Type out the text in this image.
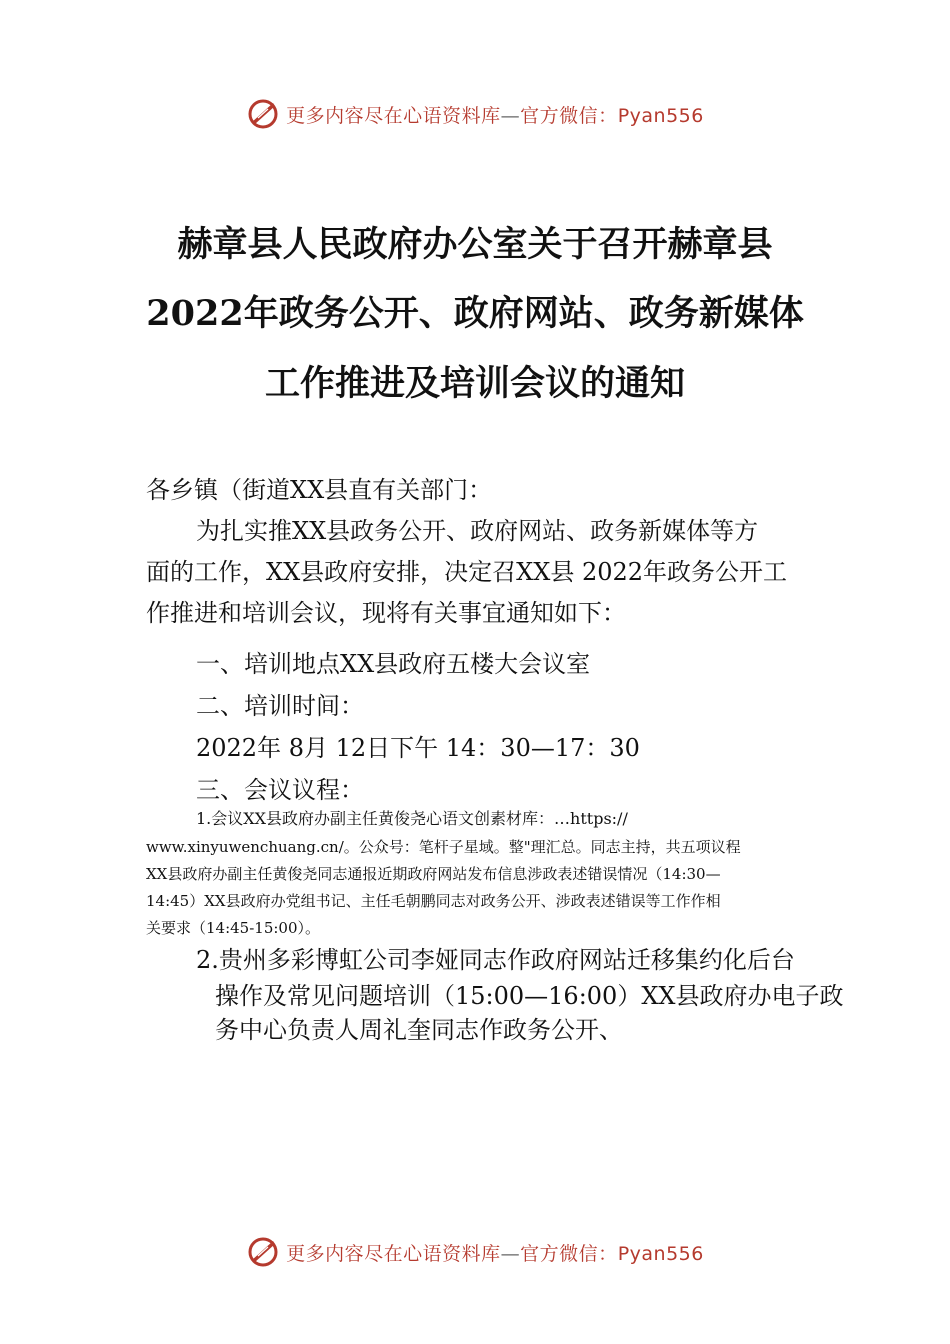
更多内容尽在心语资料库—官方微信：Pyan556
赫章县人民政府办公室关于召开赫章县
2022年政务公开、政府网站、政务新媒体
工作推进及培训会议的通知

各乡镇（街道XX县直有关部门：

为扎实推XX县政务公开、政府网站、政务新媒体等方

面的工作，XX县政府安排，决定召XX县 2022年政务公开工

作推进和培训会议，现将有关事宜通知如下：

一、培训地点XX县政府五楼大会议室

二、培训时间：

2022年 8月 12日下午 14：30—17：30

三、会议议程：

1.会议XX县政府办副主任黄俊尧心语文创素材库：…https://

www.xinyuwenchuang.cn/。公众号：笔杆子星域。整"理汇总。同志主持，共五项议程

XX县政府办副主任黄俊尧同志通报近期政府网站发布信息涉政表述错误情况（14:30—

14:45）XX县政府办党组书记、主任毛朝鹏同志对政务公开、涉政表述错误等工作作相

关要求（14:45-15:00）。

2.贵州多彩博虹公司李娅同志作政府网站迁移集约化后台

操作及常见问题培训（15:00—16:00）XX县政府办电子政

务中心负责人周礼奎同志作政务公开、

更多内容尽在心语资料库—官方微信：Pyan556
